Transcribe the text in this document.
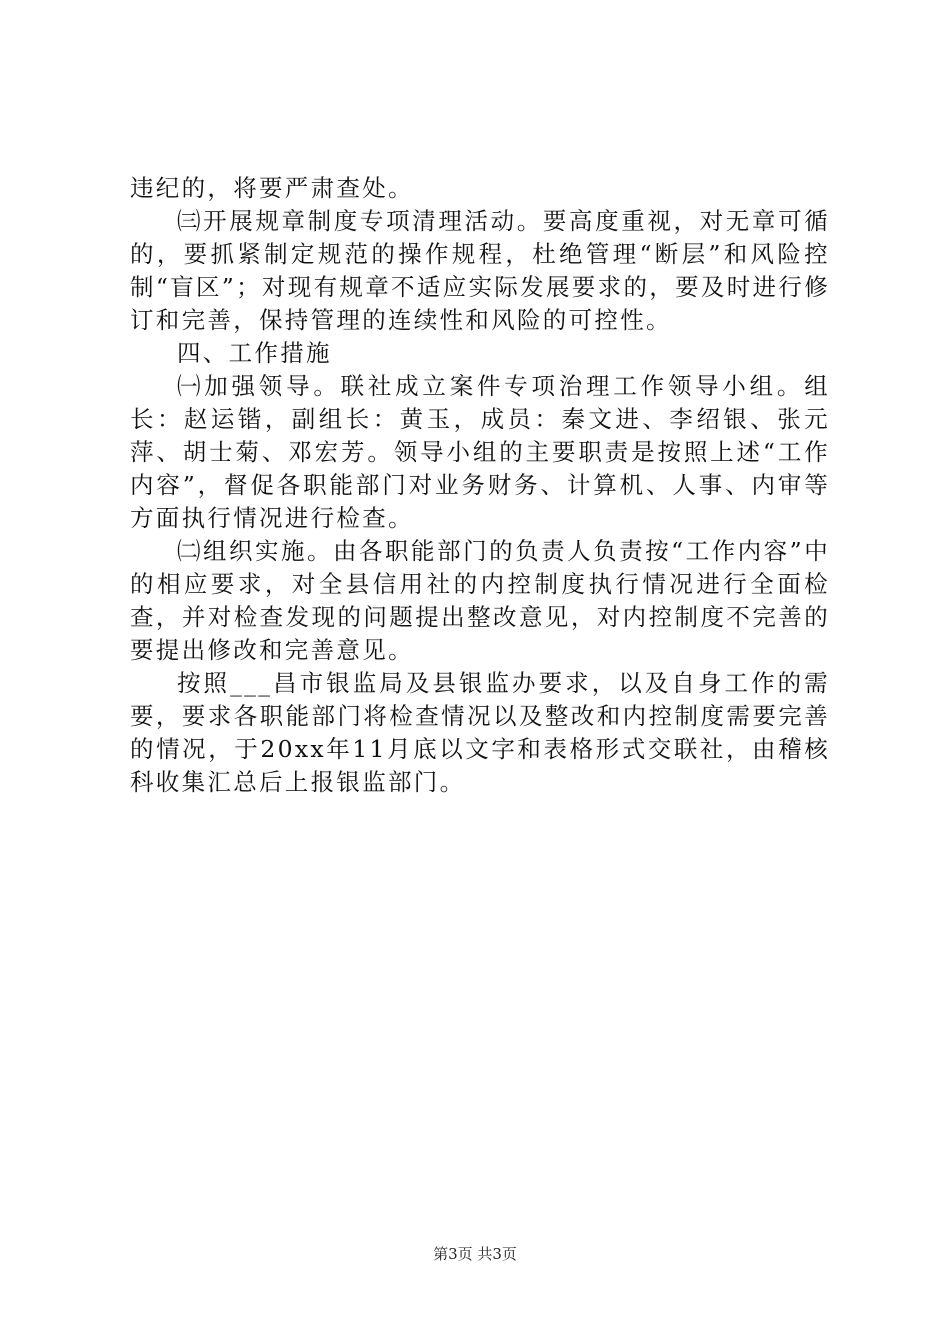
违纪的，将要严肃查处。

㈢开展规章制度专项清理活动。要高度重视，对无章可循的，要抓紧制定规范的操作规程，杜绝管理“断层”和风险控制“盲区”；对现有规章不适应实际发展要求的，要及时进行修订和完善，保持管理的连续性和风险的可控性。

四、工作措施

㈠加强领导。联社成立案件专项治理工作领导小组。组长：赵运锴，副组长：黄玉，成员：秦文进、李绍银、张元萍、胡士菊、邓宏芳。领导小组的主要职责是按照上述“工作内容”，督促各职能部门对业务财务、计算机、人事、内审等方面执行情况进行检查。

㈡组织实施。由各职能部门的负责人负责按“工作内容”中的相应要求，对全县信用社的内控制度执行情况进行全面检查，并对检查发现的问题提出整改意见，对内控制度不完善的要提出修改和完善意见。

按照___昌市银监局及县银监办要求，以及自身工作的需要，要求各职能部门将检查情况以及整改和内控制度需要完善的情况，于20xx年11月底以文字和表格形式交联社，由稽核科收集汇总后上报银监部门。

第3页 共3页
